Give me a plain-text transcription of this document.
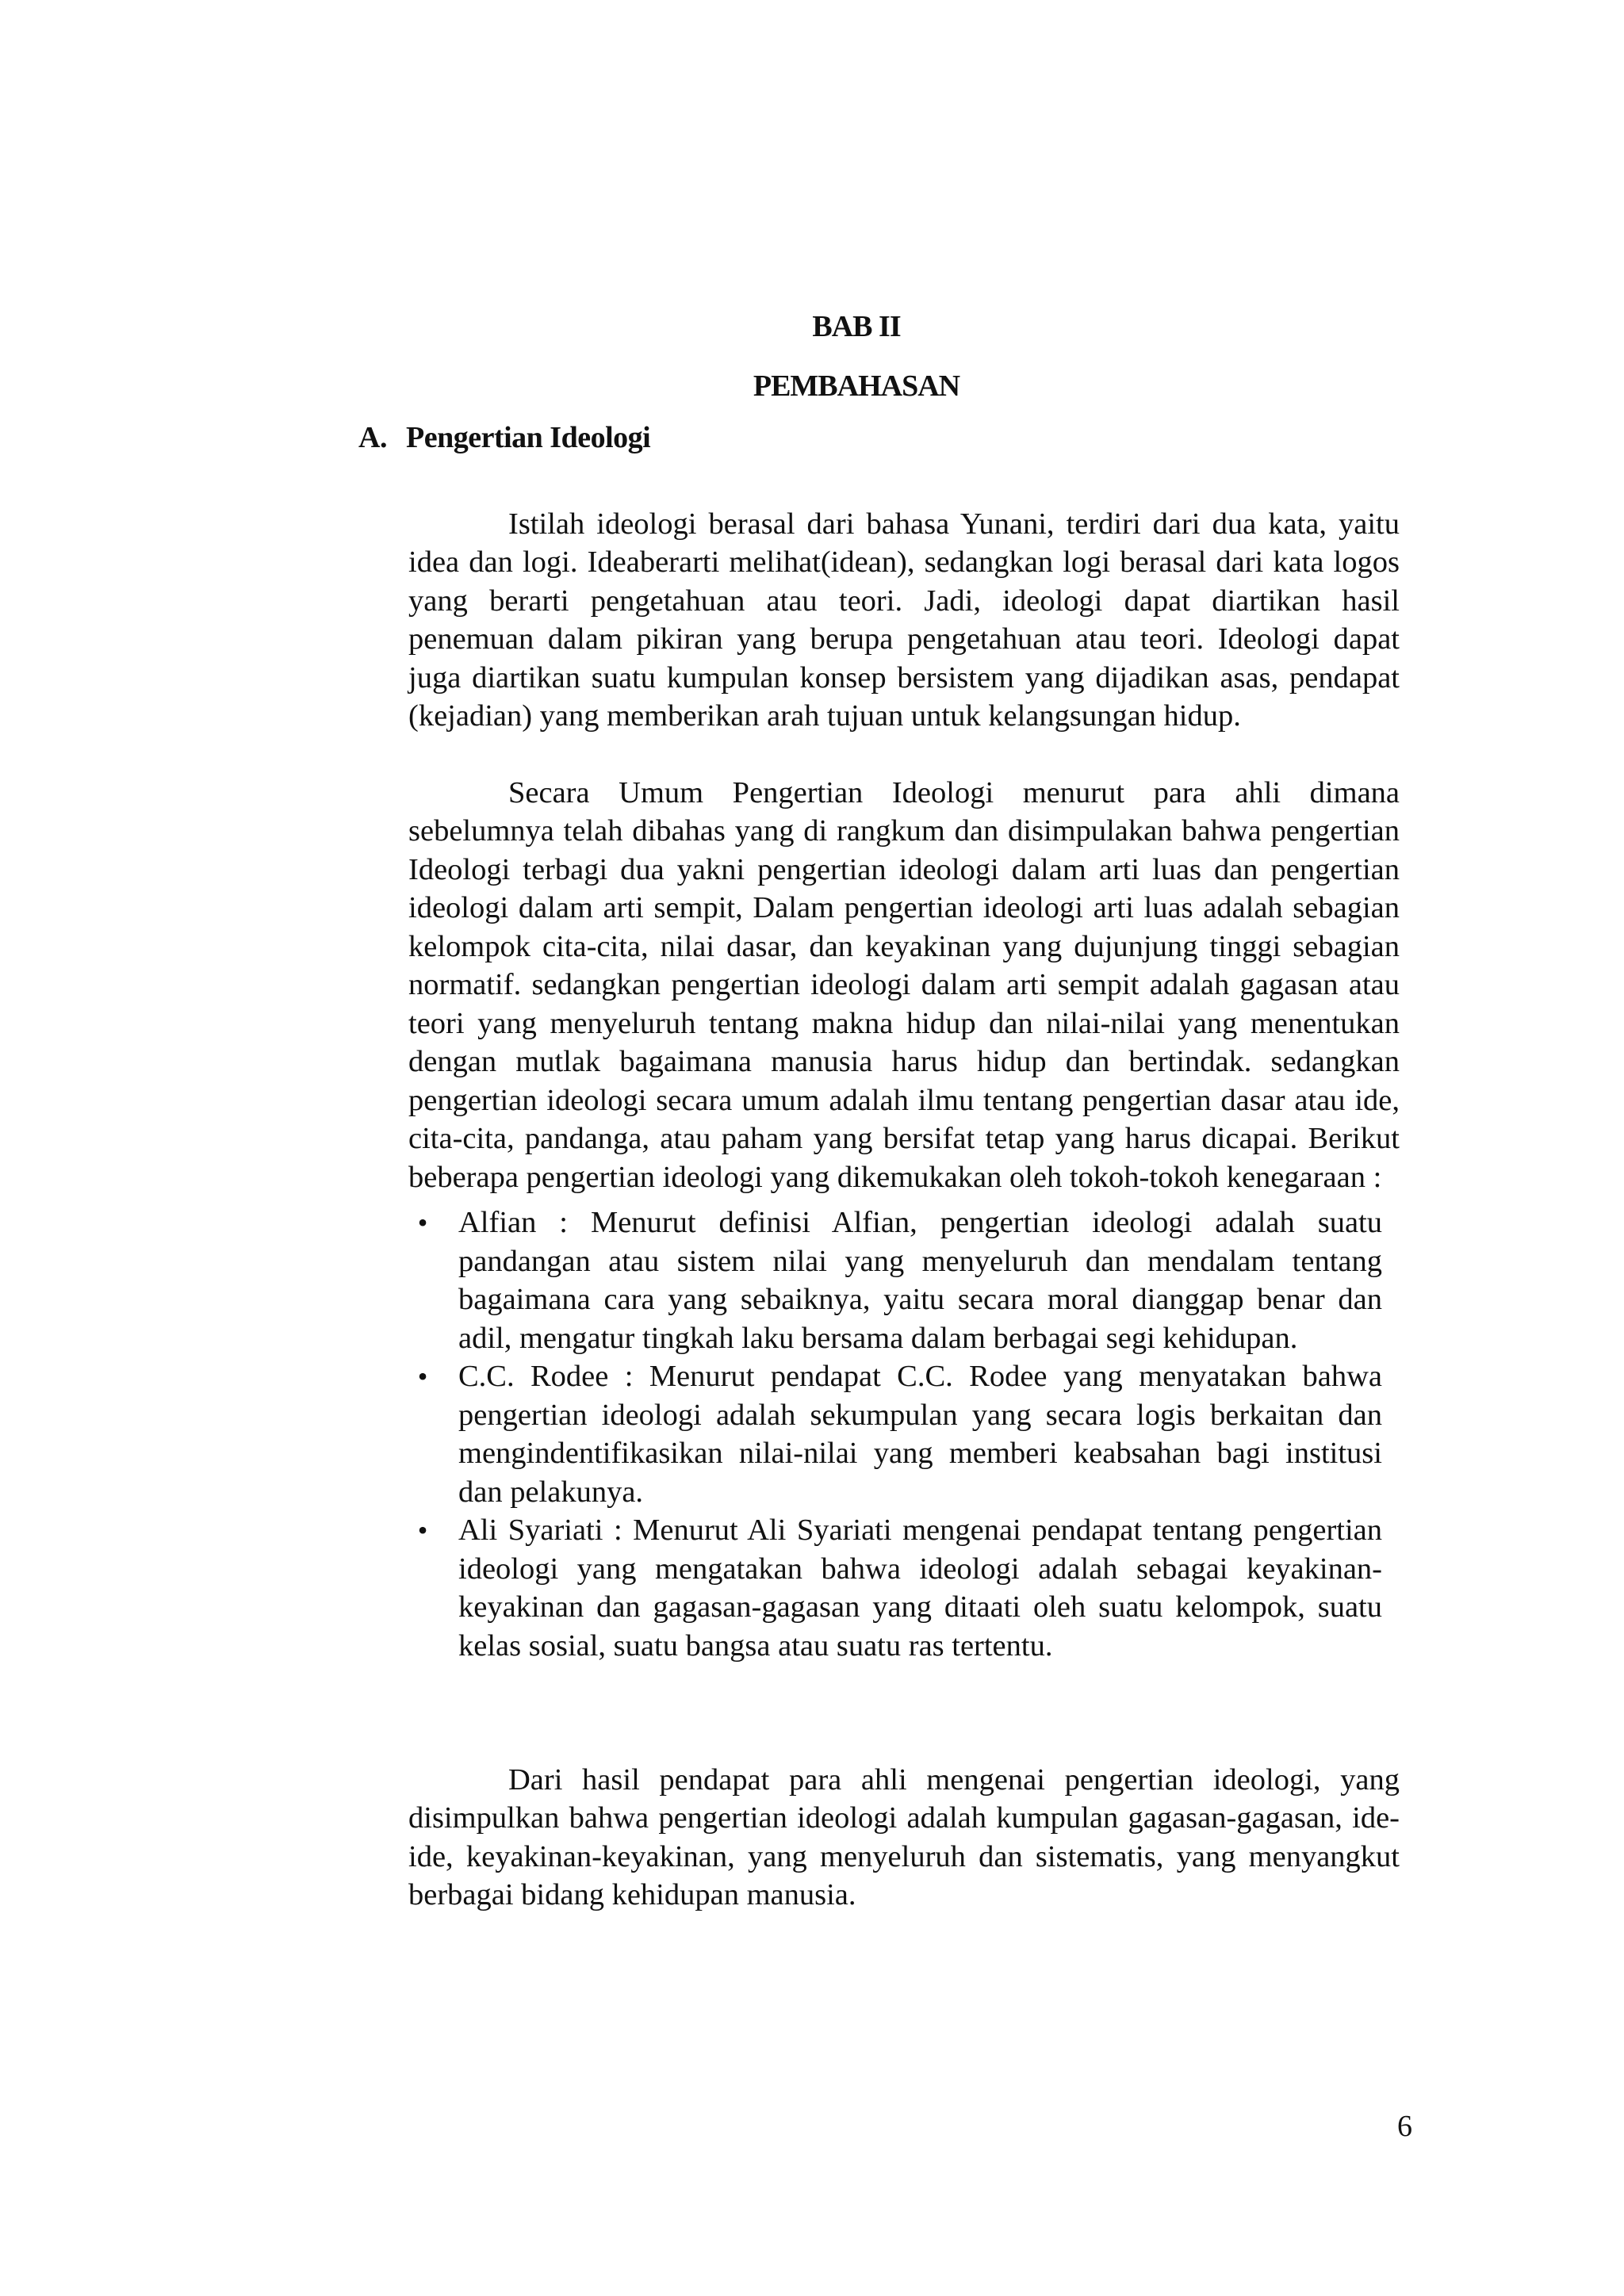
BAB II
PEMBAHASAN
A. Pengertian Ideologi

Istilah ideologi berasal dari bahasa Yunani, terdiri dari dua kata, yaitu idea dan logi. Ideaberarti melihat(idean), sedangkan logi berasal dari kata logos yang berarti pengetahuan atau teori. Jadi, ideologi dapat diartikan hasil penemuan dalam pikiran yang berupa pengetahuan atau teori. Ideologi dapat juga diartikan suatu kumpulan konsep bersistem yang dijadikan asas, pendapat (kejadian) yang memberikan arah tujuan untuk kelangsungan hidup.

Secara Umum Pengertian Ideologi menurut para ahli dimana sebelumnya telah dibahas yang di rangkum dan disimpulakan bahwa pengertian Ideologi terbagi dua yakni pengertian ideologi dalam arti luas dan pengertian ideologi dalam arti sempit, Dalam pengertian ideologi arti luas adalah sebagian kelompok cita-cita, nilai dasar, dan keyakinan yang dujunjung tinggi sebagian normatif. sedangkan pengertian ideologi dalam arti sempit adalah gagasan atau teori yang menyeluruh tentang makna hidup dan nilai-nilai yang menentukan dengan mutlak bagaimana manusia harus hidup dan bertindak. sedangkan pengertian ideologi secara umum adalah ilmu tentang pengertian dasar atau ide, cita-cita, pandanga, atau paham yang bersifat tetap yang harus dicapai. Berikut beberapa pengertian ideologi yang dikemukakan oleh tokoh-tokoh kenegaraan :

• Alfian : Menurut definisi Alfian, pengertian ideologi adalah suatu pandangan atau sistem nilai yang menyeluruh dan mendalam tentang bagaimana cara yang sebaiknya, yaitu secara moral dianggap benar dan adil, mengatur tingkah laku bersama dalam berbagai segi kehidupan.
• C.C. Rodee : Menurut pendapat C.C. Rodee yang menyatakan bahwa pengertian ideologi adalah sekumpulan yang secara logis berkaitan dan mengindentifikasikan nilai-nilai yang memberi keabsahan bagi institusi dan pelakunya.
• Ali Syariati : Menurut Ali Syariati mengenai pendapat tentang pengertian ideologi yang mengatakan bahwa ideologi adalah sebagai keyakinan-keyakinan dan gagasan-gagasan yang ditaati oleh suatu kelompok, suatu kelas sosial, suatu bangsa atau suatu ras tertentu.

Dari hasil pendapat para ahli mengenai pengertian ideologi, yang disimpulkan bahwa pengertian ideologi adalah kumpulan gagasan-gagasan, ide-ide, keyakinan-keyakinan, yang menyeluruh dan sistematis, yang menyangkut berbagai bidang kehidupan manusia.

6
